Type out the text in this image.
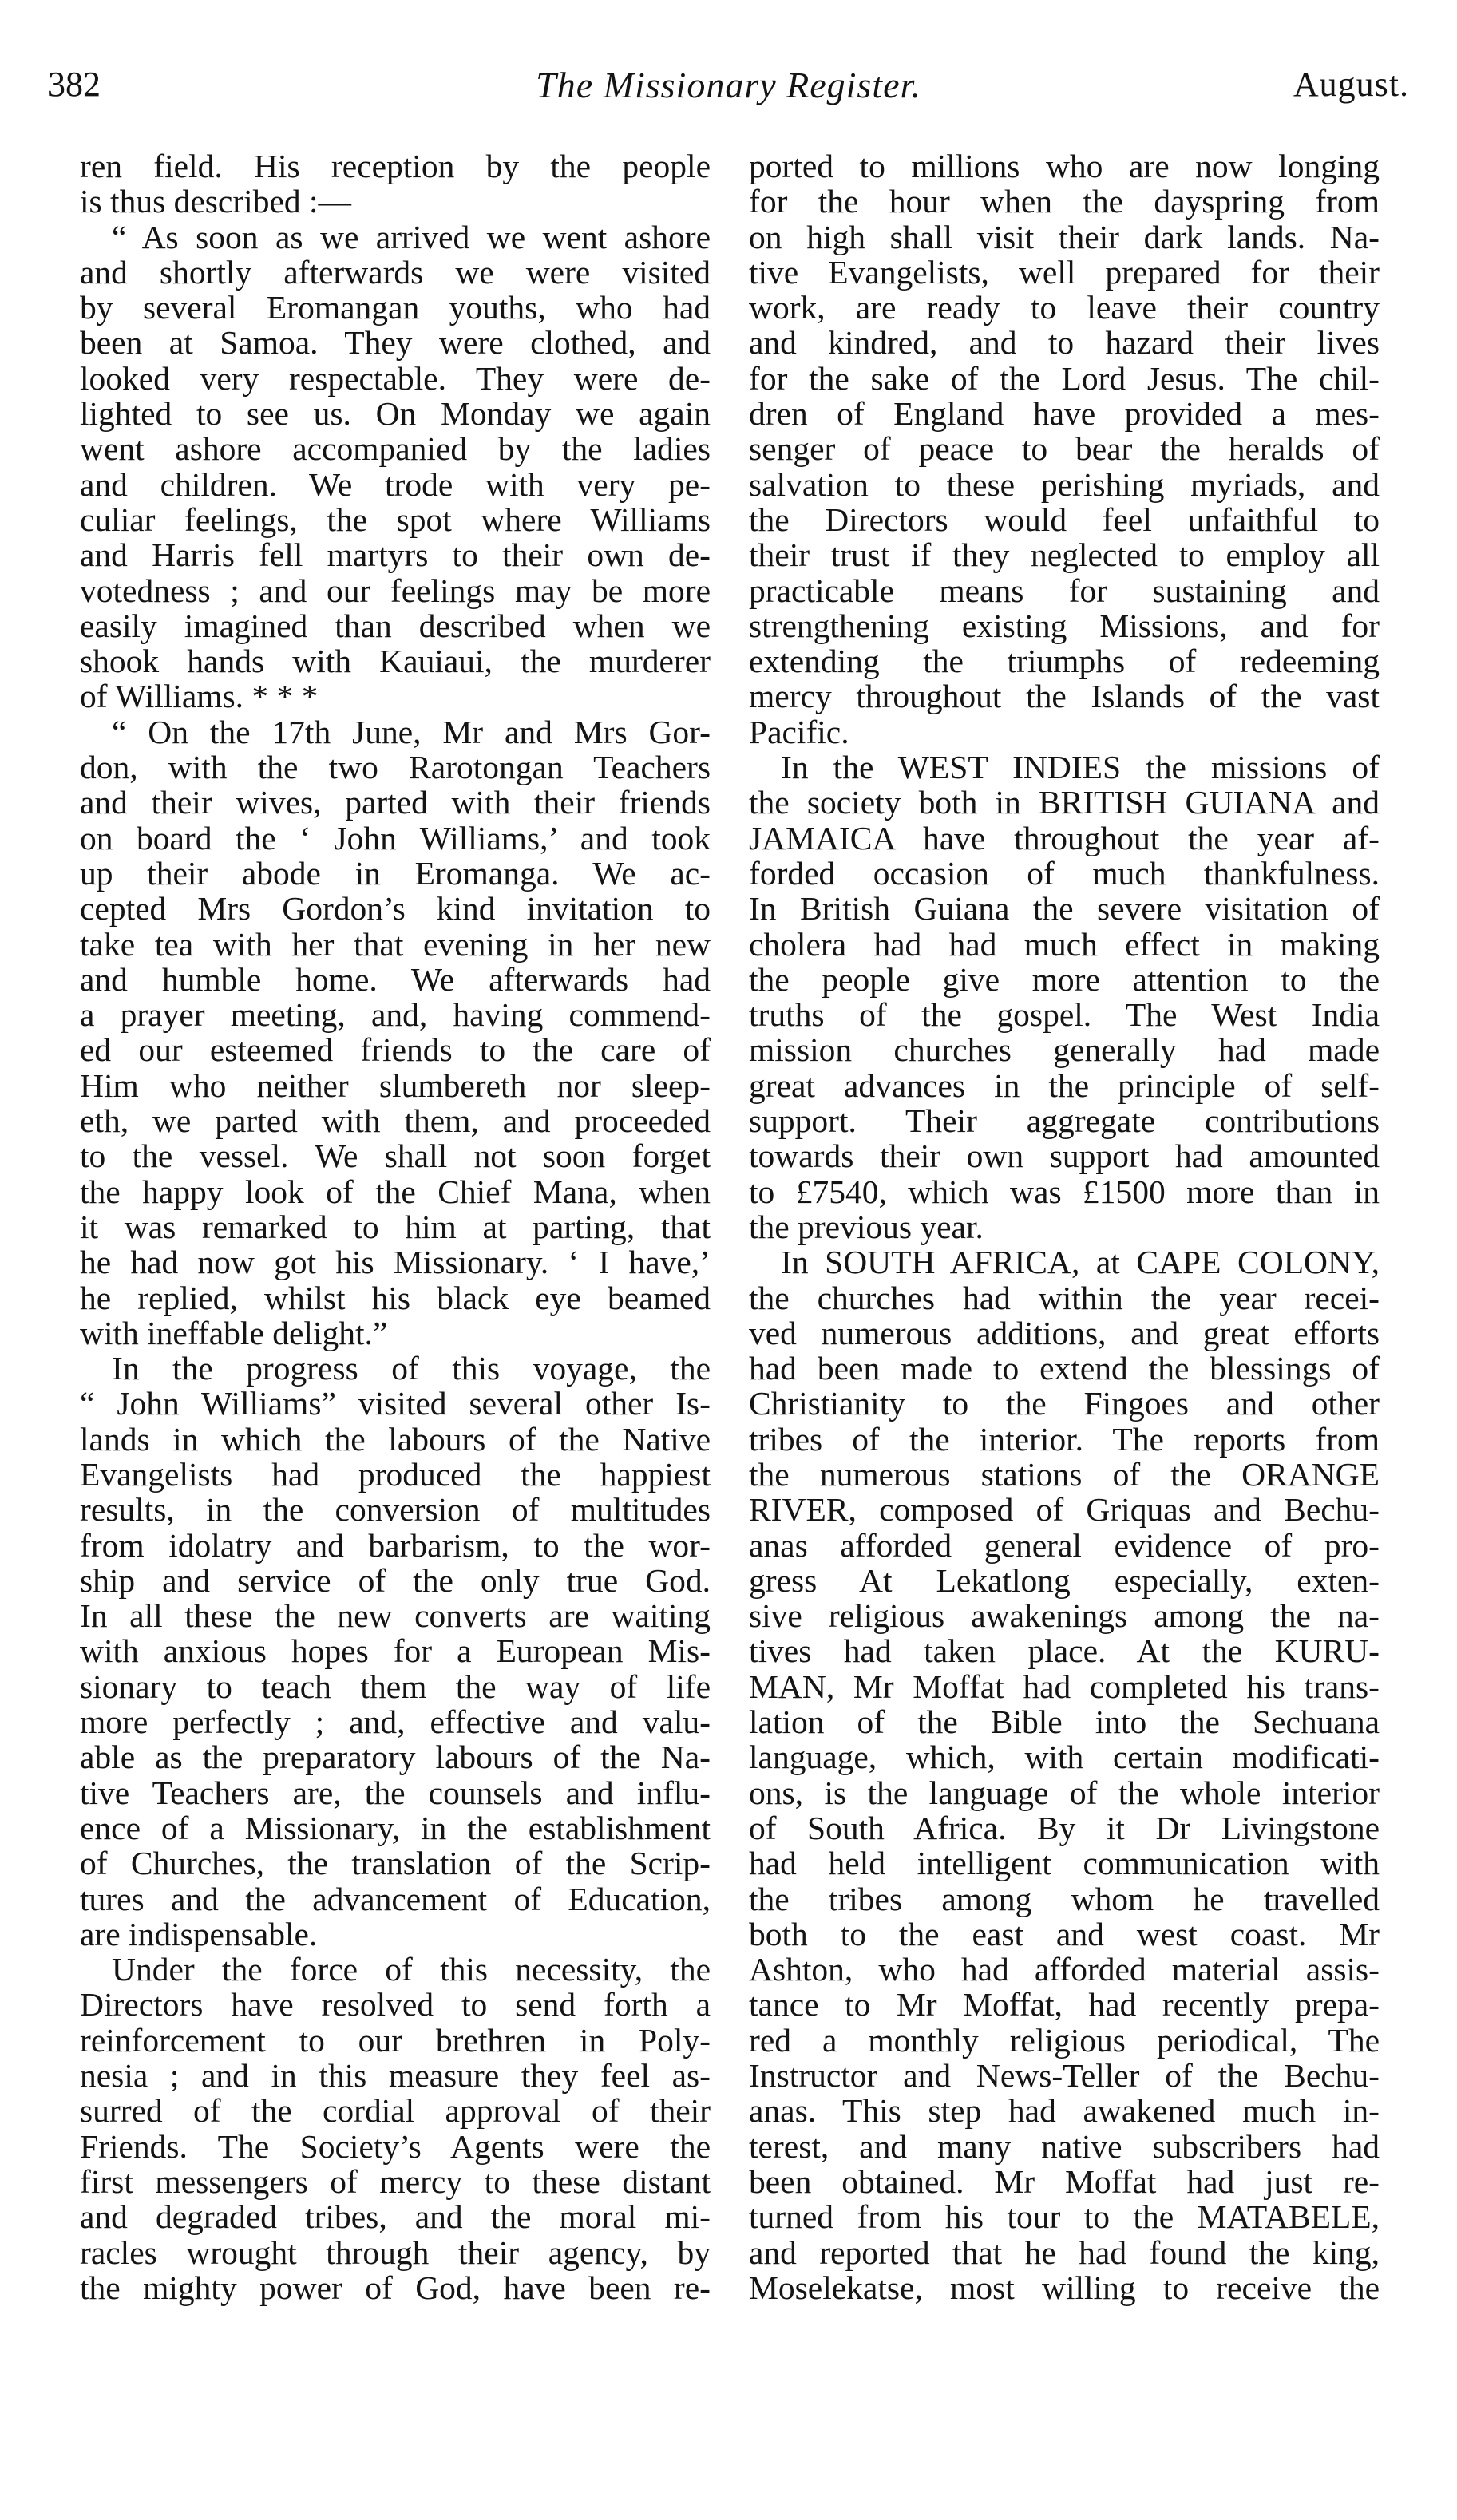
382	The Missionary Register.	August.
ren field. His reception by the people
is thus described :—
“ As soon as we arrived we went ashore
and shortly afterwards we were visited
by several Eromangan youths, who had
been at Samoa. They were clothed, and
looked very respectable. They were de-
lighted to see us. On Monday we again
went ashore accompanied by the ladies
and children. We trode with very pe-
culiar feelings, the spot where Williams
and Harris fell martyrs to their own de-
votedness ; and our feelings may be more
easily imagined than described when we
shook hands with Kauiaui, the murderer
of Williams. * * *
“ On the 17th June, Mr and Mrs Gor-
don, with the two Rarotongan Teachers
and their wives, parted with their friends
on board the ‘ John Williams,’ and took
up their abode in Eromanga. We ac-
cepted Mrs Gordon’s kind invitation to
take tea with her that evening in her new
and humble home. We afterwards had
a prayer meeting, and, having commend-
ed our esteemed friends to the care of
Him who neither slumbereth nor sleep-
eth, we parted with them, and proceeded
to the vessel. We shall not soon forget
the happy look of the Chief Mana, when
it was remarked to him at parting, that
he had now got his Missionary. ‘ I have,’
he replied, whilst his black eye beamed
with ineffable delight.”
In the progress of this voyage, the
“ John Williams” visited several other Is-
lands in which the labours of the Native
Evangelists had produced the happiest
results, in the conversion of multitudes
from idolatry and barbarism, to the wor-
ship and service of the only true God.
In all these the new converts are waiting
with anxious hopes for a European Mis-
sionary to teach them the way of life
more perfectly ; and, effective and valu-
able as the preparatory labours of the Na-
tive Teachers are, the counsels and influ-
ence of a Missionary, in the establishment
of Churches, the translation of the Scrip-
tures and the advancement of Education,
are indispensable.
Under the force of this necessity, the
Directors have resolved to send forth a
reinforcement to our brethren in Poly-
nesia ; and in this measure they feel as-
surred of the cordial approval of their
Friends. The Society’s Agents were the
first messengers of mercy to these distant
and degraded tribes, and the moral mi-
racles wrought through their agency, by
the mighty power of God, have been re-
ported to millions who are now longing
for the hour when the dayspring from
on high shall visit their dark lands. Na-
tive Evangelists, well prepared for their
work, are ready to leave their country
and kindred, and to hazard their lives
for the sake of the Lord Jesus. The chil-
dren of England have provided a mes-
senger of peace to bear the heralds of
salvation to these perishing myriads, and
the Directors would feel unfaithful to
their trust if they neglected to employ all
practicable means for sustaining and
strengthening existing Missions, and for
extending the triumphs of redeeming
mercy throughout the Islands of the vast
Pacific.
In the WEST INDIES the missions of
the society both in BRITISH GUIANA and
JAMAICA have throughout the year af-
forded occasion of much thankfulness.
In British Guiana the severe visitation of
cholera had had much effect in making
the people give more attention to the
truths of the gospel. The West India
mission churches generally had made
great advances in the principle of self-
support. Their aggregate contributions
towards their own support had amounted
to £7540, which was £1500 more than in
the previous year.
In SOUTH AFRICA, at CAPE COLONY,
the churches had within the year recei-
ved numerous additions, and great efforts
had been made to extend the blessings of
Christianity to the Fingoes and other
tribes of the interior. The reports from
the numerous stations of the ORANGE
RIVER, composed of Griquas and Bechu-
anas afforded general evidence of pro-
gress At Lekatlong especially, exten-
sive religious awakenings among the na-
tives had taken place. At the KURU-
MAN, Mr Moffat had completed his trans-
lation of the Bible into the Sechuana
language, which, with certain modificati-
ons, is the language of the whole interior
of South Africa. By it Dr Livingstone
had held intelligent communication with
the tribes among whom he travelled
both to the east and west coast. Mr
Ashton, who had afforded material assis-
tance to Mr Moffat, had recently prepa-
red a monthly religious periodical, The
Instructor and News-Teller of the Bechu-
anas. This step had awakened much in-
terest, and many native subscribers had
been obtained. Mr Moffat had just re-
turned from his tour to the MATABELE,
and reported that he had found the king,
Moselekatse, most willing to receive the
